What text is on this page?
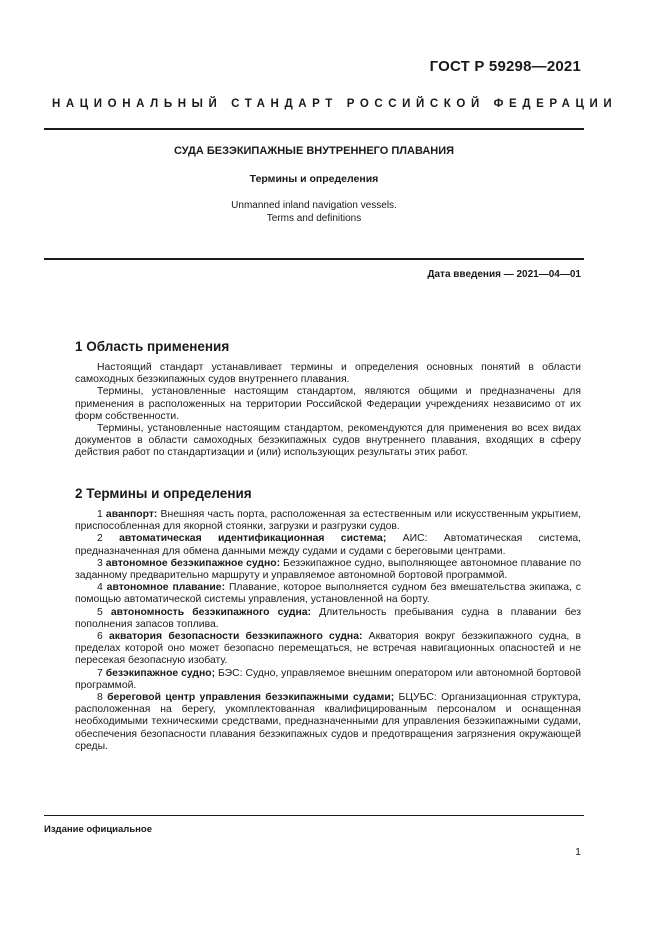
ГОСТ Р 59298—2021
НАЦИОНАЛЬНЫЙ СТАНДАРТ РОССИЙСКОЙ ФЕДЕРАЦИИ
СУДА БЕЗЭКИПАЖНЫЕ ВНУТРЕННЕГО ПЛАВАНИЯ
Термины и определения
Unmanned inland navigation vessels.
Terms and definitions
Дата введения — 2021—04—01
1 Область применения

Настоящий стандарт устанавливает термины и определения основных понятий в области самоходных безэкипажных судов внутреннего плавания.

Термины, установленные настоящим стандартом, являются общими и предназначены для применения в расположенных на территории Российской Федерации учреждениях независимо от их форм собственности.

Термины, установленные настоящим стандартом, рекомендуются для применения во всех видах документов в области самоходных безэкипажных судов внутреннего плавания, входящих в сферу действия работ по стандартизации и (или) использующих результаты этих работ.

2 Термины и определения

1 аванпорт: Внешняя часть порта, расположенная за естественным или искусственным укрытием, приспособленная для якорной стоянки, загрузки и разгрузки судов.

2 автоматическая идентификационная система; АИС: Автоматическая система, предназначенная для обмена данными между судами и судами с береговыми центрами.

3 автономное безэкипажное судно: Безэкипажное судно, выполняющее автономное плавание по заданному предварительно маршруту и управляемое автономной бортовой программой.

4 автономное плавание: Плавание, которое выполняется судном без вмешательства экипажа, с помощью автоматической системы управления, установленной на борту.

5 автономность безэкипажного судна: Длительность пребывания судна в плавании без пополнения запасов топлива.

6 акватория безопасности безэкипажного судна: Акватория вокруг безэкипажного судна, в пределах которой оно может безопасно перемещаться, не встречая навигационных опасностей и не пересекая безопасную изобату.

7 безэкипажное судно; БЭС: Судно, управляемое внешним оператором или автономной бортовой программой.

8 береговой центр управления безэкипажными судами; БЦУБС: Организационная структура, расположенная на берегу, укомплектованная квалифицированным персоналом и оснащенная необходимыми техническими средствами, предназначенными для управления безэкипажными судами, обеспечения безопасности плавания безэкипажных судов и предотвращения загрязнения окружающей среды.

Издание официальное
1
